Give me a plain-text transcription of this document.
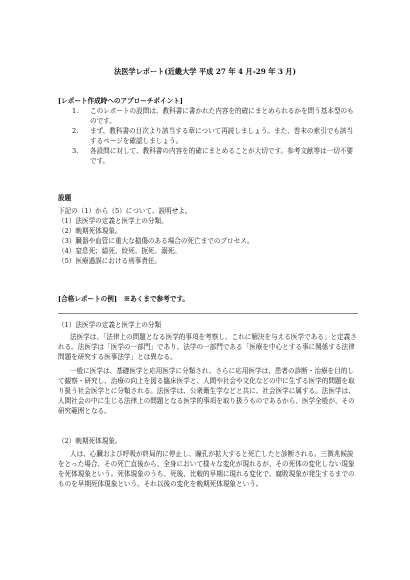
法医学レポート(近畿大学 平成 27 年 4 月-29 年 3 月)
[レポート作成時へのアプローチポイント]
1. このレポートの設問は、教科書に書かれた内容を的確にまとめられるかを問う基本型のものです。
2. まず、教科書の目次より該当する章について再読しましょう。また、巻末の索引でも該当するページを確認しましょう。
3. 各設問に対して、教科書の内容を的確にまとめることが大切です。参考文献等は一切不要です。
設題

下記の（1）から（5）について、説明せよ。

（1）法医学の定義と医学上の分類。
（2）晩期死体現象。
（3）臓器や血管に重大な損傷のある場合の死亡までのプロセス。
（4）窒息死；縊死、絞死、扼死、溺死。
（5）医療過誤における刑事責任。
[合格レポートの例]　※あくまで参考です。
（1）法医学の定義と医学上の分類

法医学は、「法律上の問題となる医学的事項を考察し、これに解決を与える医学である」と定義される。法医学は「医学の一部門」であり、法学の一部門である「医療を中心とする事に関係する法律問題を研究する医事法学」とは異なる。

一般に医学は、基礎医学と応用医学に分類され、さらに応用医学は、患者の診断・治療を目的して観察・研究し、治療の向上を図る臨床医学と、人間や社会や文化などの中に生ずる医学的問題を取り扱う社会医学とに分類される。法医学は、公衆衛生学などと共に、社会医学に属する。法医学は、人間社会の中に生じる法律上の問題となる医学的事項を取り扱うものであるから、医学全般が、その研究範囲となる。

（2）晩期死体現象。

人は、心臓および呼吸が終局的に停止し、瞳孔が拡大すると死亡したと診断される。三徴兆候説をとった場合、その死亡直後から、全身において様々な変化が現れるが、その死体の変化しない現象を死体現象という。死体現象のうち、死後、比較的早期に現れる変化で、腐敗現象が発生するまでのものを早期死体現象という。それ以後の変化を晩期死体現象という。
